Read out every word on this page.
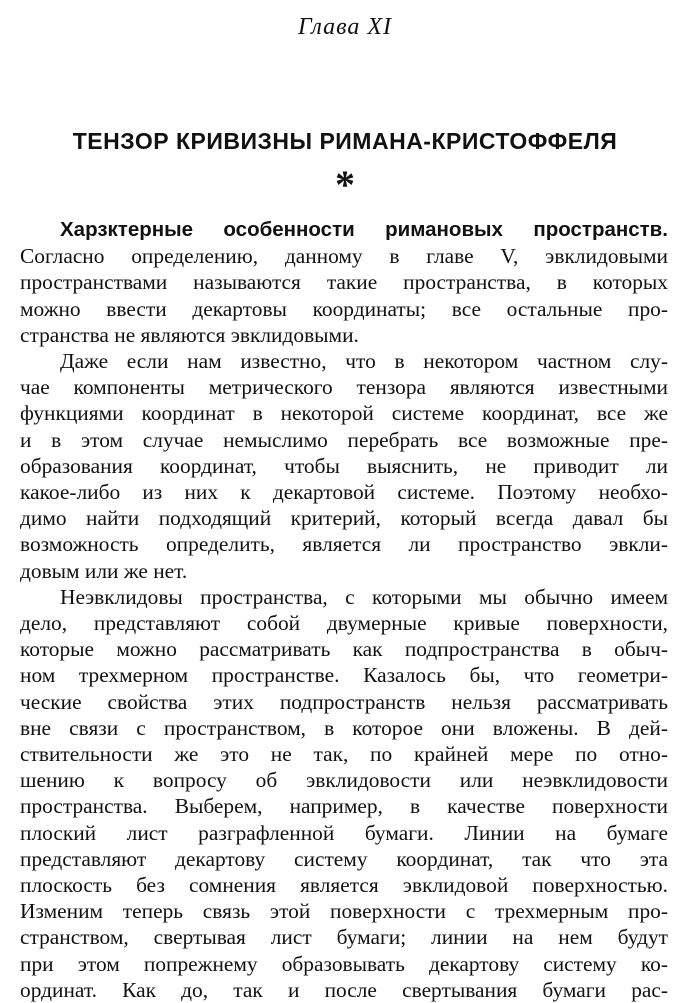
Глава XI
ТЕНЗОР КРИВИЗНЫ РИМАНА-КРИСТОФФЕЛЯ
*
Харзктерные особенности римановых пространств.
Согласно определению, данному в главе V, эвклидовыми
пространствами называются такие пространства, в которых
можно ввести декартовы координаты; все остальные про-
странства не являются эвклидовыми.
Даже если нам известно, что в некотором частном слу-
чае компоненты метрического тензора являются известными
функциями координат в некоторой системе координат, все же
и в этом случае немыслимо перебрать все возможные пре-
образования координат, чтобы выяснить, не приводит ли
какое-либо из них к декартовой системе. Поэтому необхо-
димо найти подходящий критерий, который всегда давал бы
возможность определить, является ли пространство эвкли-
довым или же нет.
Неэвклидовы пространства, с которыми мы обычно имеем
дело, представляют собой двумерные кривые поверхности,
которые можно рассматривать как подпространства в обыч-
ном трехмерном пространстве. Казалось бы, что геометри-
ческие свойства этих подпространств нельзя рассматривать
вне связи с пространством, в которое они вложены. В дей-
ствительности же это не так, по крайней мере по отно-
шению к вопросу об эвклидовости или неэвклидовости
пространства. Выберем, например, в качестве поверхности
плоский лист разграфленной бумаги. Линии на бумаге
представляют декартову систему координат, так что эта
плоскость без сомнения является эвклидовой поверхностью.
Изменим теперь связь этой поверхности с трехмерным про-
странством, свертывая лист бумаги; линии на нем будут
при этом попрежнему образовывать декартову систему ко-
ординат. Как до, так и после свертывания бумаги рас-
